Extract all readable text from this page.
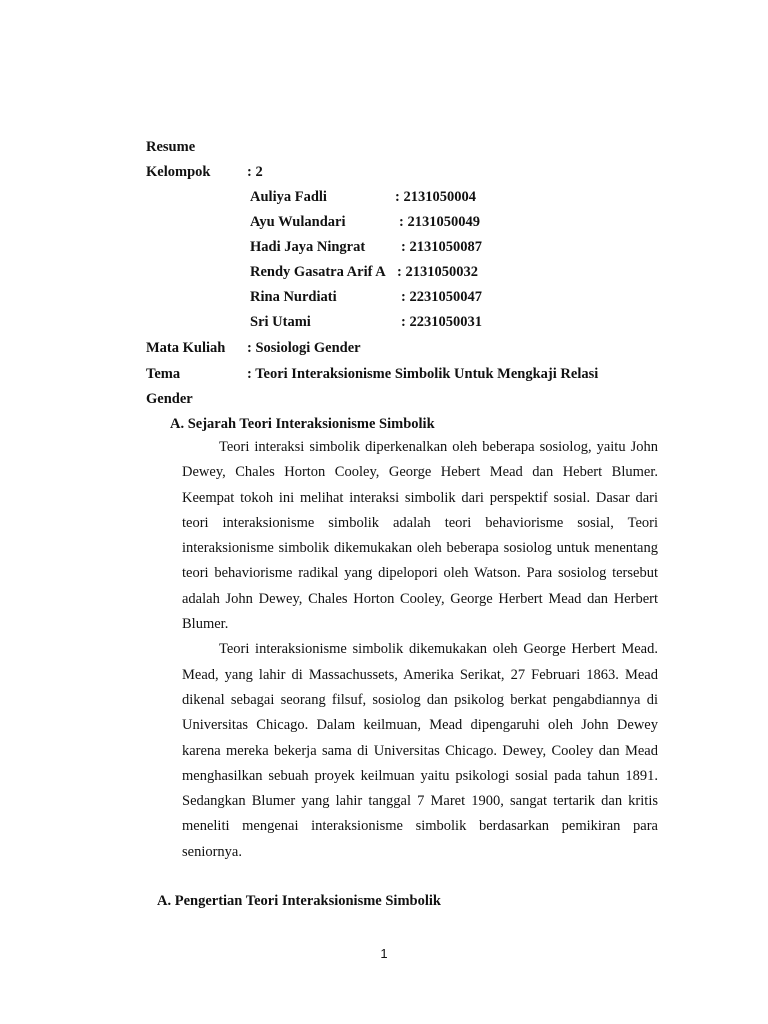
Resume
Kelompok	: 2
Auliya Fadli	: 2131050004
Ayu Wulandari	: 2131050049
Hadi Jaya Ningrat : 2131050087
Rendy Gasatra Arif A : 2131050032
Rina Nurdiati	: 2231050047
Sri Utami	: 2231050031
Mata Kuliah : Sosiologi Gender
Tema	: Teori Interaksionisme Simbolik Untuk Mengkaji Relasi
Gender
A. Sejarah Teori Interaksionisme Simbolik

Teori interaksi simbolik diperkenalkan oleh beberapa sosiolog, yaitu John Dewey, Chales Horton Cooley, George Hebert Mead dan Hebert Blumer. Keempat tokoh ini melihat interaksi simbolik dari perspektif sosial. Dasar dari teori interaksionisme simbolik adalah teori behaviorisme sosial, Teori interaksionisme simbolik dikemukakan oleh beberapa sosiolog untuk menentang teori behaviorisme radikal yang dipelopori oleh Watson. Para sosiolog tersebut adalah John Dewey, Chales Horton Cooley, George Herbert Mead dan Herbert Blumer.

Teori interaksionisme simbolik dikemukakan oleh George Herbert Mead. Mead, yang lahir di Massachussets, Amerika Serikat, 27 Februari 1863. Mead dikenal sebagai seorang filsuf, sosiolog dan psikolog berkat pengabdiannya di Universitas Chicago. Dalam keilmuan, Mead dipengaruhi oleh John Dewey karena mereka bekerja sama di Universitas Chicago. Dewey, Cooley dan Mead menghasilkan sebuah proyek keilmuan yaitu psikologi sosial pada tahun 1891. Sedangkan Blumer yang lahir tanggal 7 Maret 1900, sangat tertarik dan kritis meneliti mengenai interaksionisme simbolik berdasarkan pemikiran para seniornya.

A. Pengertian Teori Interaksionisme Simbolik
1
